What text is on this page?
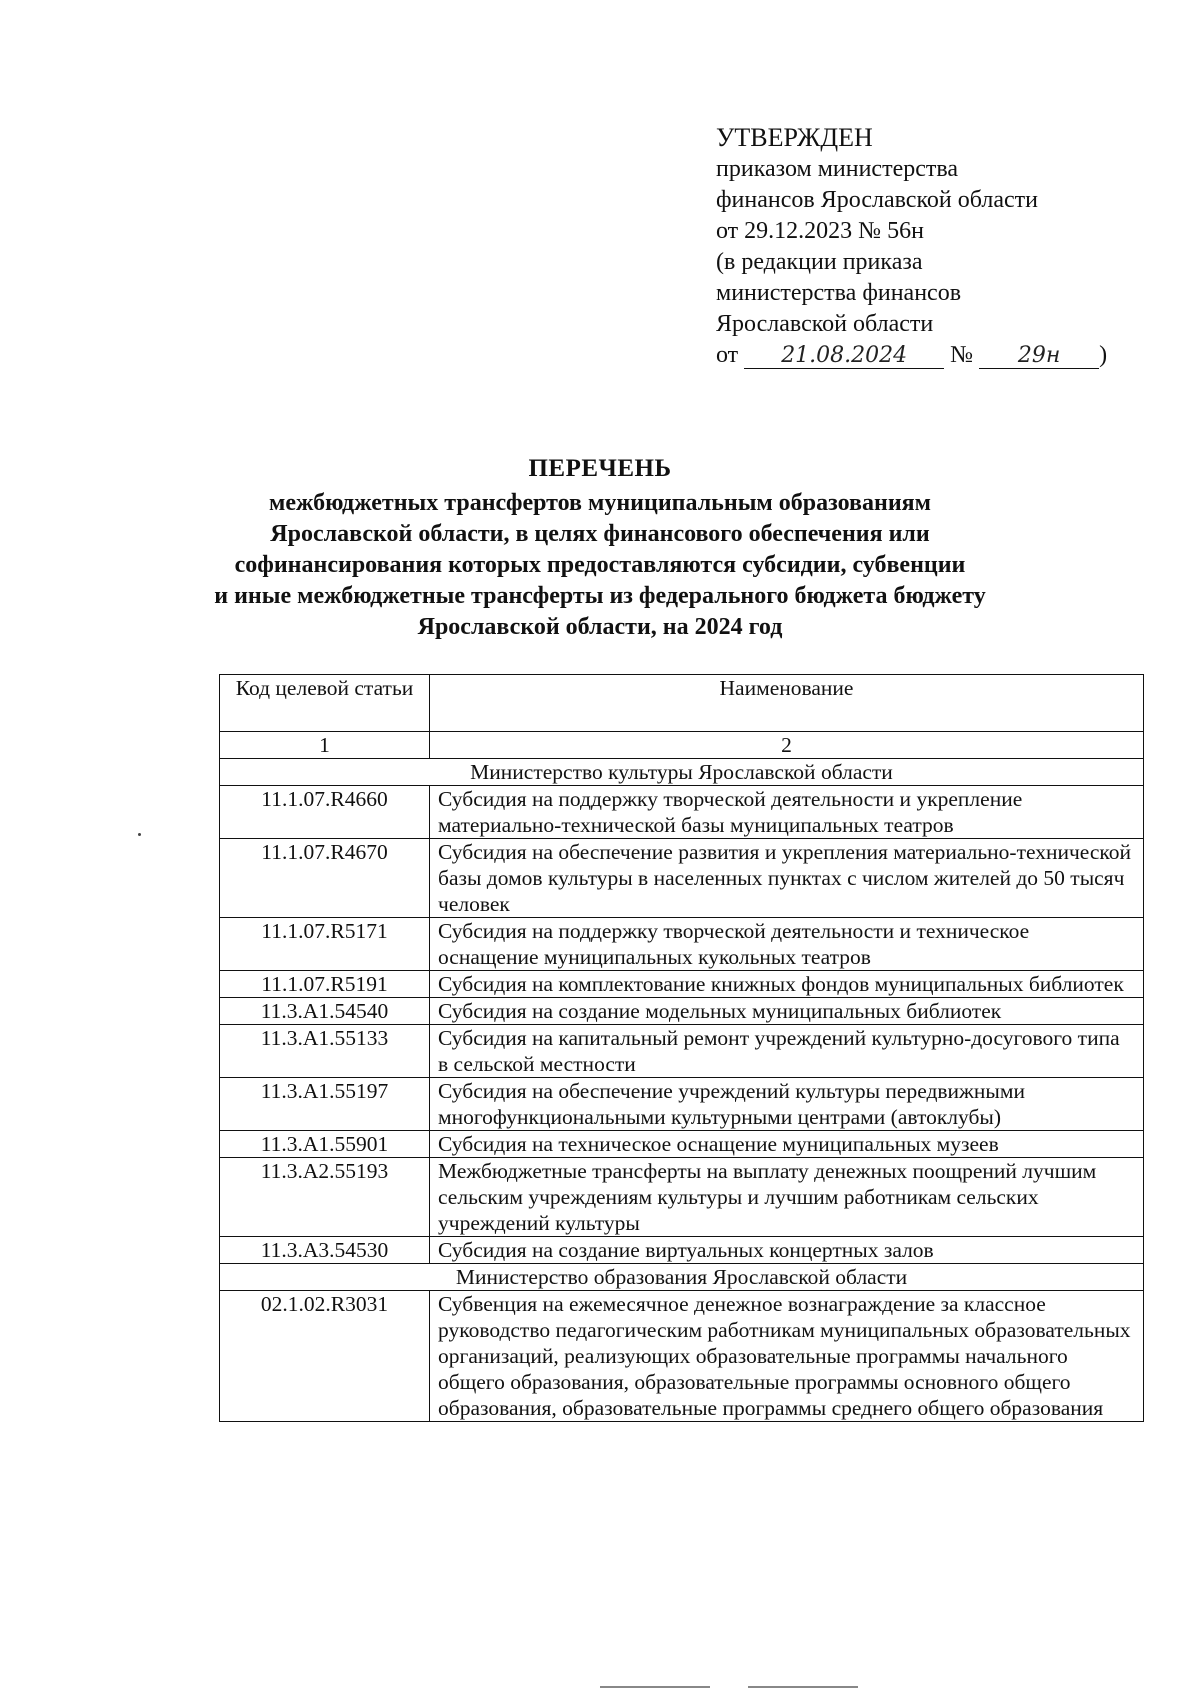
УТВЕРЖДЕН
приказом министерства
финансов Ярославской области
от 29.12.2023 № 56н
(в редакции приказа
министерства финансов
Ярославской области
от 21.08.2024 № 29н )
ПЕРЕЧЕНЬ
межбюджетных трансфертов муниципальным образованиям
Ярославской области, в целях финансового обеспечения или
софинансирования которых предоставляются субсидии, субвенции
и иные межбюджетные трансферты из федерального бюджета бюджету
Ярославской области, на 2024 год
Код целевой статьи	Наименование
1	2
Министерство культуры Ярославской области	
11.1.07.R4660	Субсидия на поддержку творческой деятельности и укрепление материально-технической базы муниципальных театров
11.1.07.R4670	Субсидия на обеспечение развития и укрепления материально-технической базы домов культуры в населенных пунктах с числом жителей до 50 тысяч человек
11.1.07.R5171	Субсидия на поддержку творческой деятельности и техническое оснащение муниципальных кукольных театров
11.1.07.R5191	Субсидия на комплектование книжных фондов муниципальных библиотек
11.3.A1.54540	Субсидия на создание модельных муниципальных библиотек
11.3.A1.55133	Субсидия на капитальный ремонт учреждений культурно-досугового типа в сельской местности
11.3.A1.55197	Субсидия на обеспечение учреждений культуры передвижными многофункциональными культурными центрами (автоклубы)
11.3.A1.55901	Субсидия на техническое оснащение муниципальных музеев
11.3.A2.55193	Межбюджетные трансферты на выплату денежных поощрений лучшим сельским учреждениям культуры и лучшим работникам сельских учреждений культуры
11.3.A3.54530	Субсидия на создание виртуальных концертных залов
Министерство образования Ярославской области	
02.1.02.R3031	Субвенция на ежемесячное денежное вознаграждение за классное руководство педагогическим работникам муниципальных образовательных организаций, реализующих образовательные программы начального общего образования, образовательные программы основного общего образования, образовательные программы среднего общего образования
